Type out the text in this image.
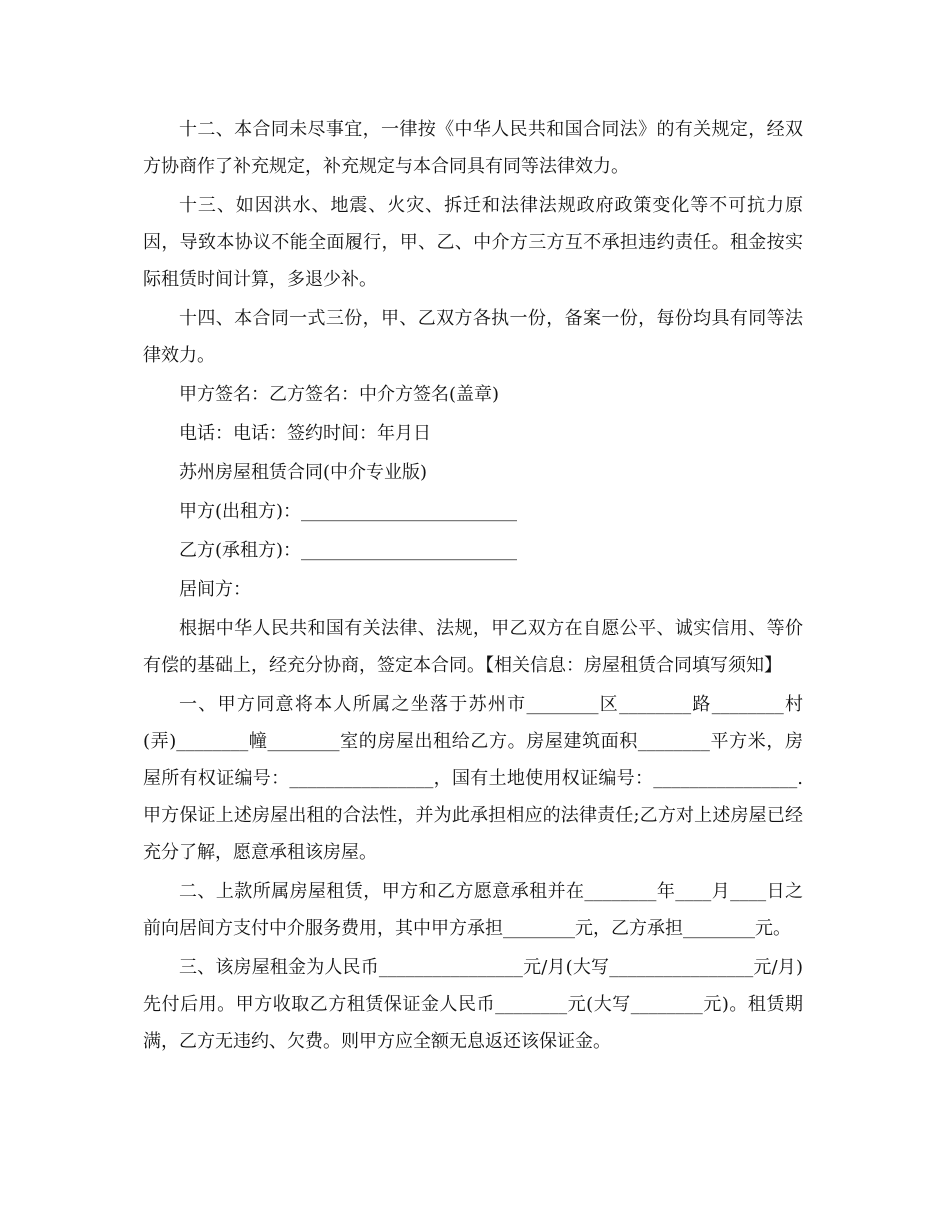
十二、本合同未尽事宜，一律按《中华人民共和国合同法》的有关规定，经双方协商作了补充规定，补充规定与本合同具有同等法律效力。

十三、如因洪水、地震、火灾、拆迁和法律法规政府政策变化等不可抗力原因，导致本协议不能全面履行，甲、乙、中介方三方互不承担违约责任。租金按实际租赁时间计算，多退少补。

十四、本合同一式三份，甲、乙双方各执一份，备案一份，每份均具有同等法律效力。

甲方签名：乙方签名：中介方签名(盖章)

电话：电话：签约时间：年月日

苏州房屋租赁合同(中介专业版)

甲方(出租方)：________________________

乙方(承租方)：________________________

居间方：

根据中华人民共和国有关法律、法规，甲乙双方在自愿公平、诚实信用、等价有偿的基础上，经充分协商，签定本合同。【相关信息：房屋租赁合同填写须知】

一、甲方同意将本人所属之坐落于苏州市________区________路________村(弄)________幢________室的房屋出租给乙方。房屋建筑面积________平方米，房屋所有权证编号：________________，国有土地使用权证编号：________________.甲方保证上述房屋出租的合法性，并为此承担相应的法律责任;乙方对上述房屋已经充分了解，愿意承租该房屋。

二、上款所属房屋租赁，甲方和乙方愿意承租并在________年____月____日之前向居间方支付中介服务费用，其中甲方承担________元，乙方承担________元。

三、该房屋租金为人民币________________元/月(大写________________元/月)先付后用。甲方收取乙方租赁保证金人民币________元(大写________元)。租赁期满，乙方无违约、欠费。则甲方应全额无息返还该保证金。
